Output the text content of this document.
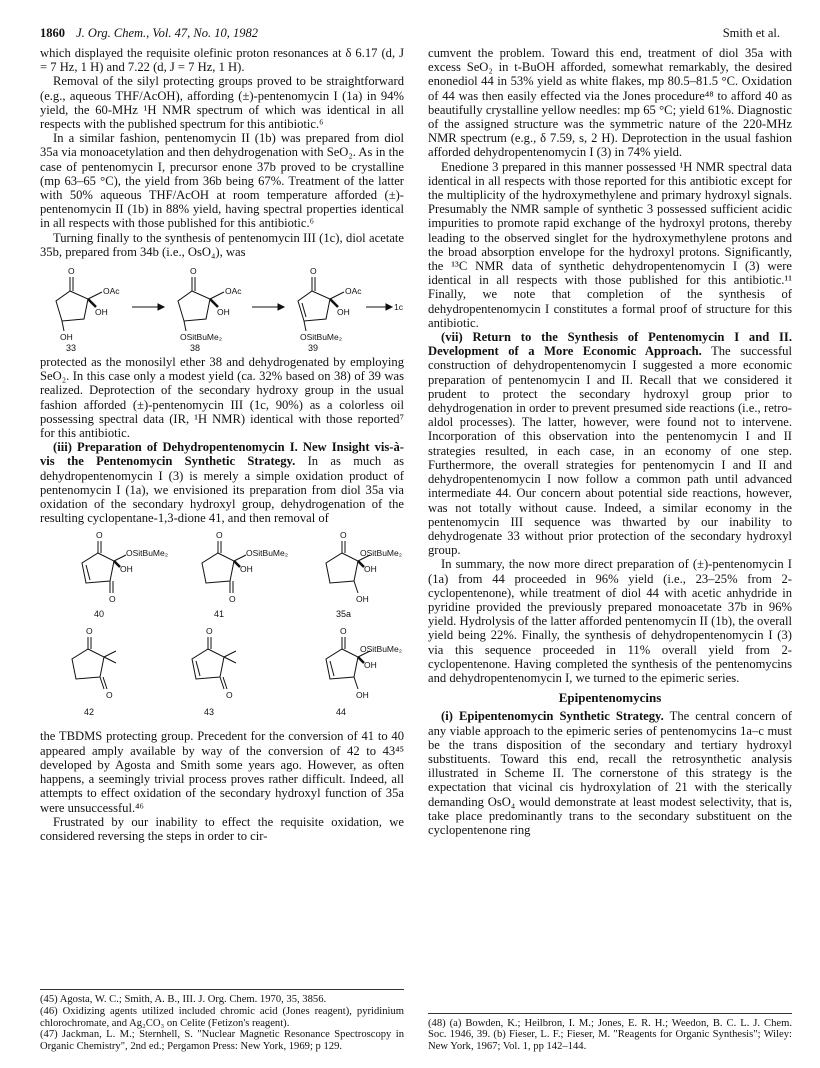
1860 J. Org. Chem., Vol. 47, No. 10, 1982	Smith et al.

which displayed the requisite olefinic proton resonances at δ 6.17 (d, J = 7 Hz, 1 H) and 7.22 (d, J = 7 Hz, 1 H).

Removal of the silyl protecting groups proved to be straightforward (e.g., aqueous THF/AcOH), affording (±)-pentenomycin I (1a) in 94% yield, the 60-MHz ¹H NMR spectrum of which was identical in all respects with the published spectrum for this antibiotic.⁶

In a similar fashion, pentenomycin II (1b) was prepared from diol 35a via monoacetylation and then dehydrogenation with SeO₂. As in the case of pentenomycin I, precursor enone 37b proved to be crystalline (mp 63–65 °C), the yield from 36b being 67%. Treatment of the latter with 50% aqueous THF/AcOH at room temperature afforded (±)-pentenomycin II (1b) in 88% yield, having spectral properties identical in all respects with those published for this antibiotic.⁶

Turning finally to the synthesis of pentenomycin III (1c), diol acetate 35b, prepared from 34b (i.e., OsO₄), was

O
OAc
OH
OH
O
OAc
OH
OSitBuMe₂
O
OAc
OH
OSitBuMe₂
1c
33	38	39

protected as the monosilyl ether 38 and dehydrogenated by employing SeO₂. In this case only a modest yield (ca. 32% based on 38) of 39 was realized. Deprotection of the secondary hydroxy group in the usual fashion afforded (±)-pentenomycin III (1c, 90%) as a colorless oil possessing spectral data (IR, ¹H NMR) identical with those reported⁷ for this antibiotic.

(iii) Preparation of Dehydropentenomycin I. New Insight vis-à-vis the Pentenomycin Synthetic Strategy. In as much as dehydropentenomycin I (3) is merely a simple oxidation product of pentenomycin I (1a), we envisioned its preparation from diol 35a via oxidation of the secondary hydroxyl group, dehydrogenation of the resulting cyclopentane-1,3-dione 41, and then removal of

O
OSitBuMe₂
OH
O
O
OSitBuMe₂
OH
O
O
OSitBuMe₂
OH
OH
O
O
O
O
O
OSitBuMe₂
OH
OH
40	41	35a
42	43	44

the TBDMS protecting group. Precedent for the conversion of 41 to 40 appeared amply available by way of the conversion of 42 to 43⁴⁵ developed by Agosta and Smith some years ago. However, as often happens, a seemingly trivial process proves rather difficult. Indeed, all attempts to effect oxidation of the secondary hydroxyl function of 35a were unsuccessful.⁴⁶

Frustrated by our inability to effect the requisite oxidation, we considered reversing the steps in order to cir-

cumvent the problem. Toward this end, treatment of diol 35a with excess SeO₂ in t-BuOH afforded, somewhat remarkably, the desired enonediol 44 in 53% yield as white flakes, mp 80.5–81.5 °C. Oxidation of 44 was then easily effected via the Jones procedure⁴⁸ to afford 40 as beautifully crystalline yellow needles: mp 65 °C; yield 61%. Diagnostic of the assigned structure was the symmetric nature of the 220-MHz NMR spectrum (e.g., δ 7.59, s, 2 H). Deprotection in the usual fashion afforded dehydropentenomycin I (3) in 74% yield.

Enedione 3 prepared in this manner possessed ¹H NMR spectral data identical in all respects with those reported for this antibiotic except for the multiplicity of the hydroxymethylene and primary hydroxyl signals. Presumably the NMR sample of synthetic 3 possessed sufficient acidic impurities to promote rapid exchange of the hydroxyl protons, thereby leading to the observed singlet for the hydroxymethylene protons and the broad absorption envelope for the hydroxyl protons. Significantly, the ¹³C NMR data of synthetic dehydropentenomycin I (3) were identical in all respects with those published for this antibiotic.¹¹ Finally, we note that completion of the synthesis of dehydropentenomycin I constitutes a formal proof of structure for this antibiotic.

(vii) Return to the Synthesis of Pentenomycin I and II. Development of a More Economic Approach. The successful construction of dehydropentenomycin I suggested a more economic preparation of pentenomycin I and II. Recall that we considered it prudent to protect the secondary hydroxyl group prior to dehydrogenation in order to prevent presumed side reactions (i.e., retro-aldol processes). The latter, however, were found not to intervene. Incorporation of this observation into the pentenomycin I and II strategies resulted, in each case, in an economy of one step. Furthermore, the overall strategies for pentenomycin I and II and dehydropentenomycin I now follow a common path until advanced intermediate 44. Our concern about potential side reactions, however, was not totally without cause. Indeed, a similar economy in the pentenomycin III sequence was thwarted by our inability to dehydrogenate 33 without prior protection of the secondary hydroxyl group.

In summary, the now more direct preparation of (±)-pentenomycin I (1a) from 44 proceeded in 96% yield (i.e., 23–25% from 2-cyclopentenone), while treatment of diol 44 with acetic anhydride in pyridine provided the previously prepared monoacetate 37b in 96% yield. Hydrolysis of the latter afforded pentenomycin II (1b), the overall yield being 22%. Finally, the synthesis of dehydropentenomycin I (3) via this sequence proceeded in 11% overall yield from 2-cyclopentenone. Having completed the synthesis of the pentenomycins and dehydropentenomycin I, we turned to the epimeric series.

Epipentenomycins

(i) Epipentenomycin Synthetic Strategy. The central concern of any viable approach to the epimeric series of pentenomycins 1a–c must be the trans disposition of the secondary and tertiary hydroxyl substituents. Toward this end, recall the retrosynthetic analysis illustrated in Scheme II. The cornerstone of this strategy is the expectation that vicinal cis hydroxylation of 21 with the sterically demanding OsO₄ would demonstrate at least modest selectivity, that is, take place predominantly trans to the secondary substituent on the cyclopentenone ring

(45) Agosta, W. C.; Smith, A. B., III. J. Org. Chem. 1970, 35, 3856.

(46) Oxidizing agents utilized included chromic acid (Jones reagent), pyridinium chlorochromate, and Ag₂CO₃ on Celite (Fetizon's reagent).

(47) Jackman, L. M.; Sternhell, S. "Nuclear Magnetic Resonance Spectroscopy in Organic Chemistry", 2nd ed.; Pergamon Press: New York, 1969; p 129.

(48) (a) Bowden, K.; Heilbron, I. M.; Jones, E. R. H.; Weedon, B. C. L. J. Chem. Soc. 1946, 39. (b) Fieser, L. F.; Fieser, M. "Reagents for Organic Synthesis"; Wiley: New York, 1967; Vol. 1, pp 142–144.
